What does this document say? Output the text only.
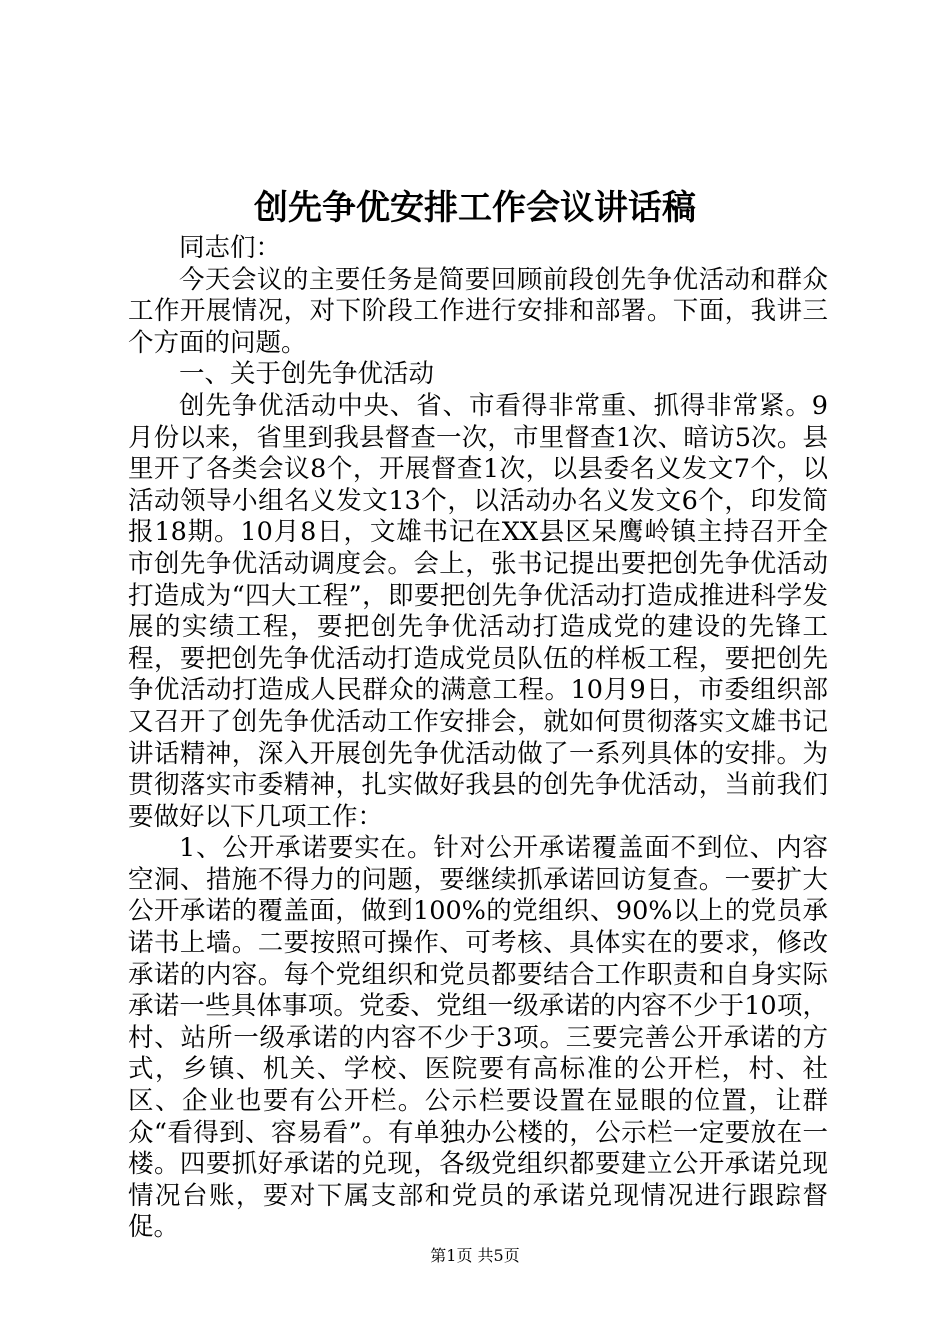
创先争优安排工作会议讲话稿

同志们：

今天会议的主要任务是简要回顾前段创先争优活动和群众工作开展情况，对下阶段工作进行安排和部署。下面，我讲三个方面的问题。

一、关于创先争优活动

创先争优活动中央、省、市看得非常重、抓得非常紧。9月份以来，省里到我县督查一次，市里督查1次、暗访5次。县里开了各类会议8个，开展督查1次，以县委名义发文7个，以活动领导小组名义发文13个，以活动办名义发文6个，印发简报18期。10月8日，文雄书记在XX县区呆鹰岭镇主持召开全市创先争优活动调度会。会上，张书记提出要把创先争优活动打造成为“四大工程”，即要把创先争优活动打造成推进科学发展的实绩工程，要把创先争优活动打造成党的建设的先锋工程，要把创先争优活动打造成党员队伍的样板工程，要把创先争优活动打造成人民群众的满意工程。10月9日，市委组织部又召开了创先争优活动工作安排会，就如何贯彻落实文雄书记讲话精神，深入开展创先争优活动做了一系列具体的安排。为贯彻落实市委精神，扎实做好我县的创先争优活动，当前我们要做好以下几项工作：

1、公开承诺要实在。针对公开承诺覆盖面不到位、内容空洞、措施不得力的问题，要继续抓承诺回访复查。一要扩大公开承诺的覆盖面，做到100%的党组织、90%以上的党员承诺书上墙。二要按照可操作、可考核、具体实在的要求，修改承诺的内容。每个党组织和党员都要结合工作职责和自身实际承诺一些具体事项。党委、党组一级承诺的内容不少于10项，村、站所一级承诺的内容不少于3项。三要完善公开承诺的方式，乡镇、机关、学校、医院要有高标准的公开栏，村、社区、企业也要有公开栏。公示栏要设置在显眼的位置，让群众“看得到、容易看”。有单独办公楼的，公示栏一定要放在一楼。四要抓好承诺的兑现，各级党组织都要建立公开承诺兑现情况台账，要对下属支部和党员的承诺兑现情况进行跟踪督促。

第1页 共5页
